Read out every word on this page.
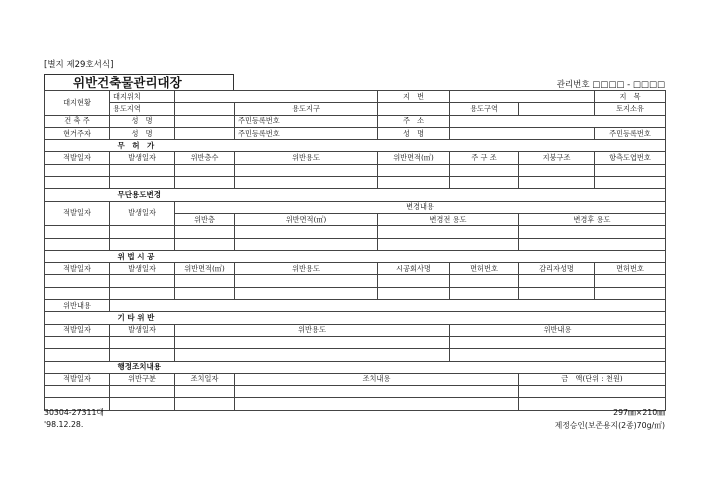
[별지 제29호서식]
위반건축물관리대장	관리번호 □□□□ - □□□□
대지현황	대지위치			지　번			지　목
	용도지역		용도지구		용도구역		토지소유
건 축 주	성　명		주민등록번호	주　소			
현거주자	성　명		주민등록번호	성　명			주민등록번호
	무　허　가						
적발일자	발생일자	위반층수	위반용도	위반면적(㎡)	주 구 조	지붕구조	항측도엽번호

	무단용도변경						
적발일자	발생일자	변경내용					
		위반층	위반면적(㎡)	변경전 용도		변경후 용도	

	위 법 시 공						
적발일자	발생일자	위반면적(㎡)	위반용도	시공회사명	면허번호	감리자성명	면허번호

위반내용							
	기 타 위 반						
적발일자	발생일자	위반용도			위반내용		

	행정조치내용						
적발일자	위반구분	조치일자	조치내용			금　액(단위 : 천원)	

30304-27311대
'98.12.28.
297㎜×210㎜
제정승인(보존용지(2종)70g/㎡)
